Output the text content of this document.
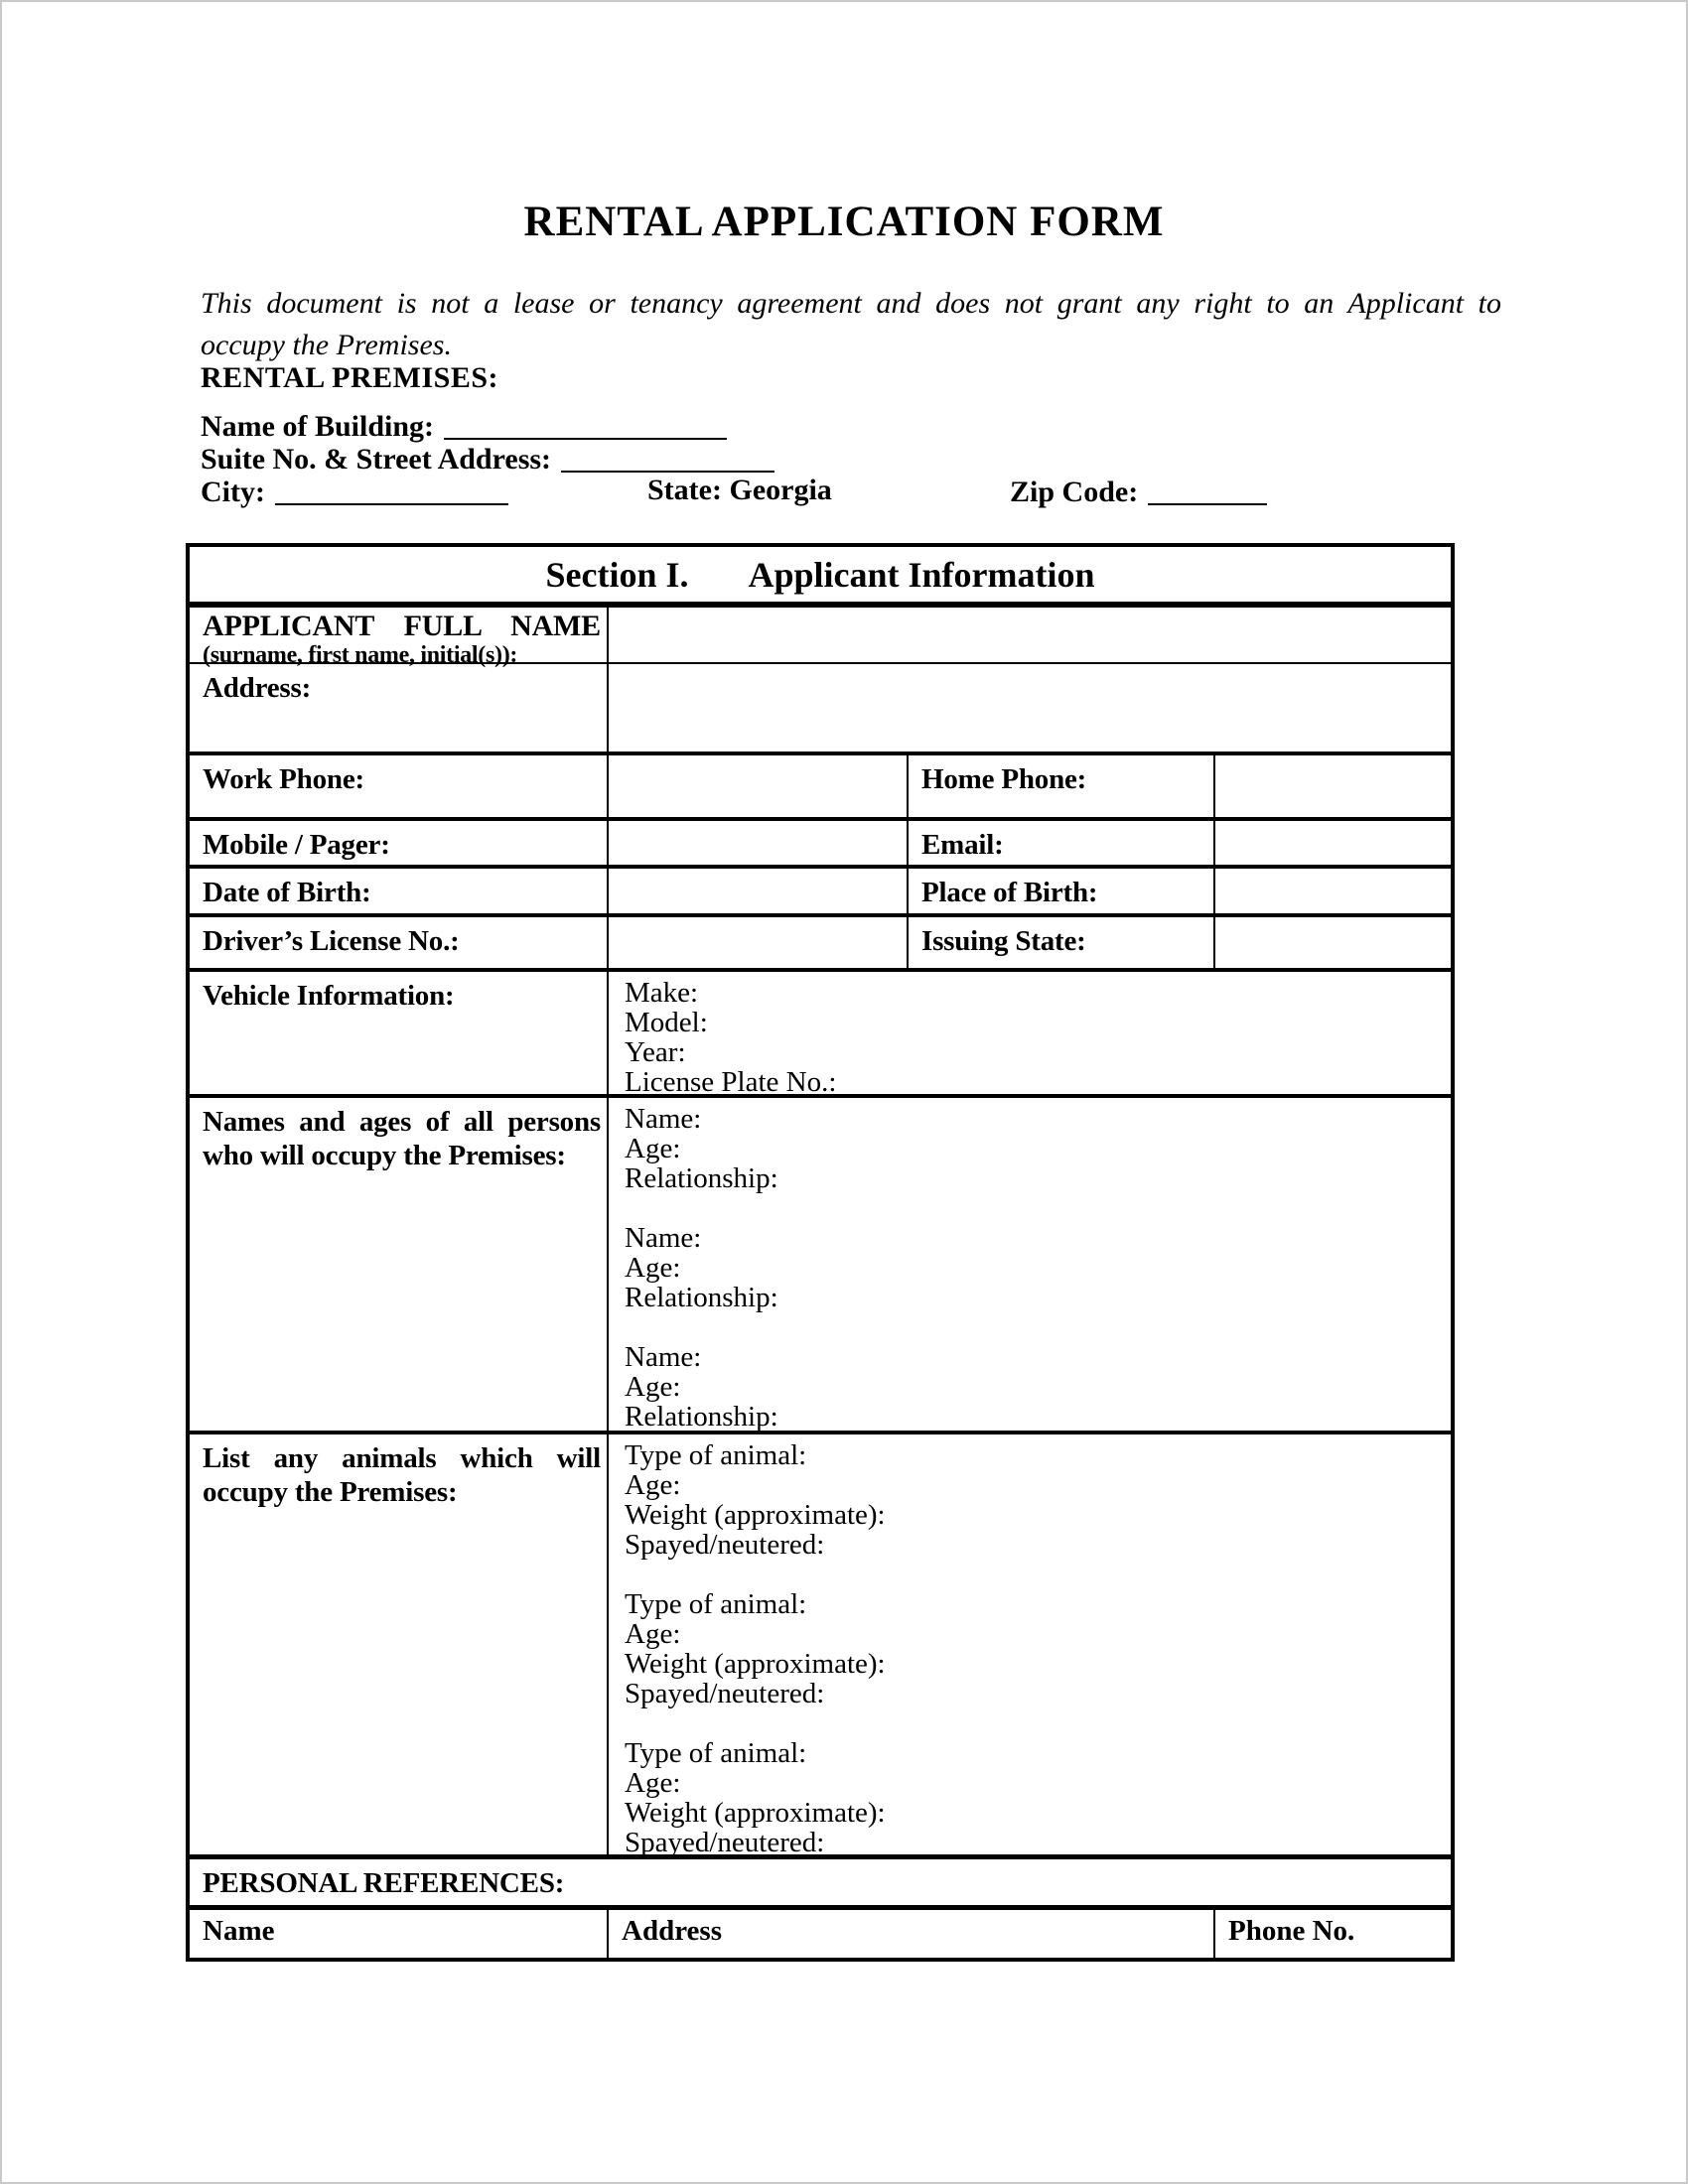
RENTAL APPLICATION FORM
This document is not a lease or tenancy agreement and does not grant any right to an Applicant to
occupy the Premises.
RENTAL PREMISES:
Name of Building:
Suite No. & Street Address:
City:	State: Georgia	Zip Code:
Section I. Applicant Information
APPLICANT FULL NAME
(surname, first name, initial(s)):
Address:
Work Phone:	Home Phone:
Mobile / Pager:	Email:
Date of Birth:	Place of Birth:
Driver’s License No.:	Issuing State:
Vehicle Information:	Make:
Model:
Year:
License Plate No.:
Names and ages of all persons who will occupy the Premises:
Name:
Age:
Relationship:
Name:
Age:
Relationship:
Name:
Age:
Relationship:
List any animals which will occupy the Premises:
Type of animal:
Age:
Weight (approximate):
Spayed/neutered:
Type of animal:
Age:
Weight (approximate):
Spayed/neutered:
Type of animal:
Age:
Weight (approximate):
Spayed/neutered:
PERSONAL REFERENCES:
Name	Address	Phone No.
